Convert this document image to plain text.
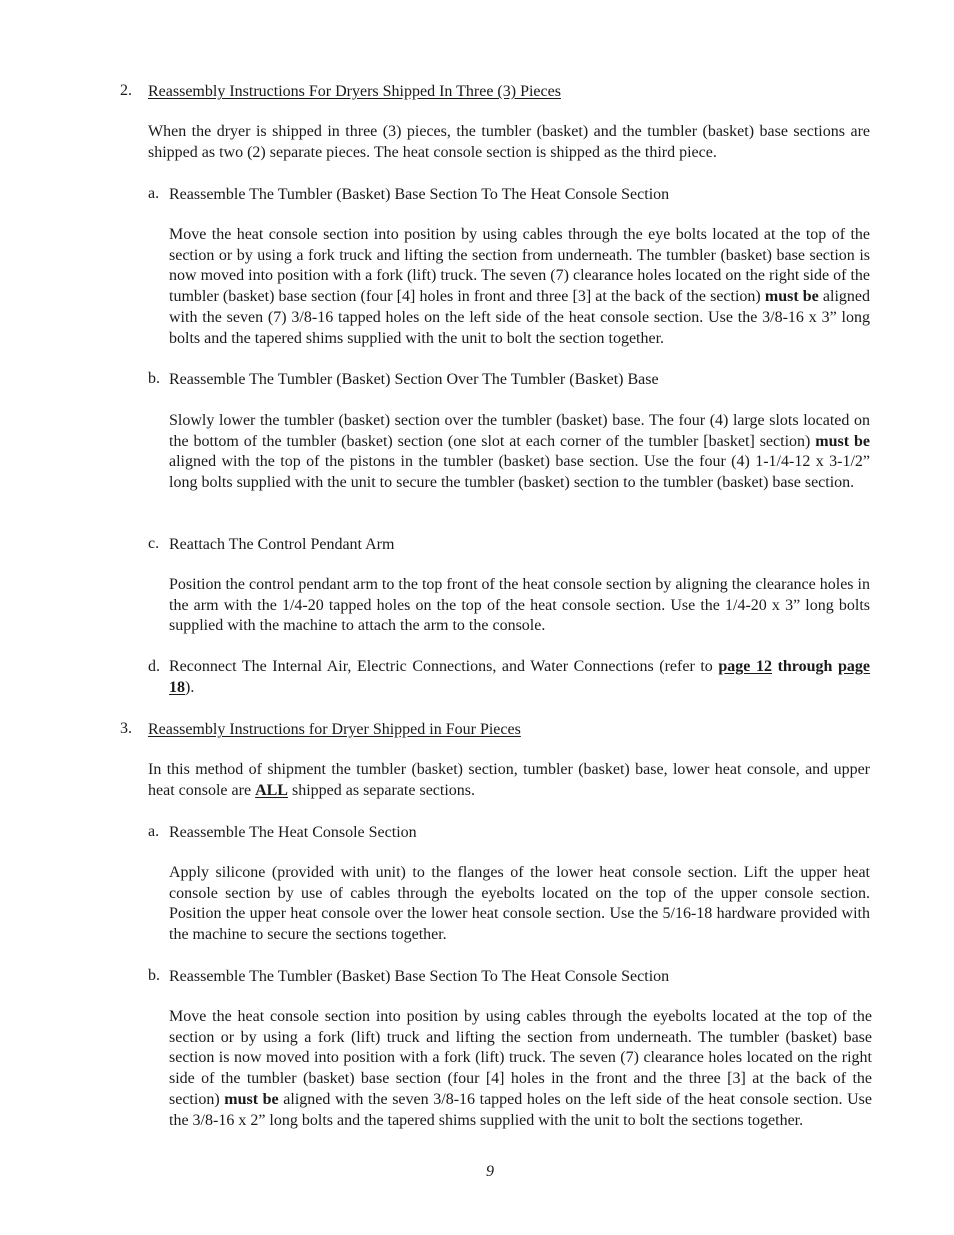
2. Reassembly Instructions For Dryers Shipped In Three (3) Pieces

When the dryer is shipped in three (3) pieces, the tumbler (basket) and the tumbler (basket) base sections are shipped as two (2) separate pieces. The heat console section is shipped as the third piece.

a. Reassemble The Tumbler (Basket) Base Section To The Heat Console Section

Move the heat console section into position by using cables through the eye bolts located at the top of the section or by using a fork truck and lifting the section from underneath. The tumbler (basket) base section is now moved into position with a fork (lift) truck. The seven (7) clearance holes located on the right side of the tumbler (basket) base section (four [4] holes in front and three [3] at the back of the section) must be aligned with the seven (7) 3/8-16 tapped holes on the left side of the heat console section. Use the 3/8-16 x 3” long bolts and the tapered shims supplied with the unit to bolt the section together.

b. Reassemble The Tumbler (Basket) Section Over The Tumbler (Basket) Base

Slowly lower the tumbler (basket) section over the tumbler (basket) base. The four (4) large slots located on the bottom of the tumbler (basket) section (one slot at each corner of the tumbler [basket] section) must be aligned with the top of the pistons in the tumbler (basket) base section. Use the four (4) 1-1/4-12 x 3-1/2” long bolts supplied with the unit to secure the tumbler (basket) section to the tumbler (basket) base section.

c. Reattach The Control Pendant Arm

Position the control pendant arm to the top front of the heat console section by aligning the clearance holes in the arm with the 1/4-20 tapped holes on the top of the heat console section. Use the 1/4-20 x 3” long bolts supplied with the machine to attach the arm to the console.

d. Reconnect The Internal Air, Electric Connections, and Water Connections (refer to page 12 through page 18).

3. Reassembly Instructions for Dryer Shipped in Four Pieces

In this method of shipment the tumbler (basket) section, tumbler (basket) base, lower heat console, and upper heat console are ALL shipped as separate sections.

a. Reassemble The Heat Console Section

Apply silicone (provided with unit) to the flanges of the lower heat console section. Lift the upper heat console section by use of cables through the eyebolts located on the top of the upper console section. Position the upper heat console over the lower heat console section. Use the 5/16-18 hardware provided with the machine to secure the sections together.

b. Reassemble The Tumbler (Basket) Base Section To The Heat Console Section

Move the heat console section into position by using cables through the eyebolts located at the top of the section or by using a fork (lift) truck and lifting the section from underneath. The tumbler (basket) base section is now moved into position with a fork (lift) truck. The seven (7) clearance holes located on the right side of the tumbler (basket) base section (four [4] holes in the front and the three [3] at the back of the section) must be aligned with the seven 3/8-16 tapped holes on the left side of the heat console section. Use the 3/8-16 x 2” long bolts and the tapered shims supplied with the unit to bolt the sections together.

9
